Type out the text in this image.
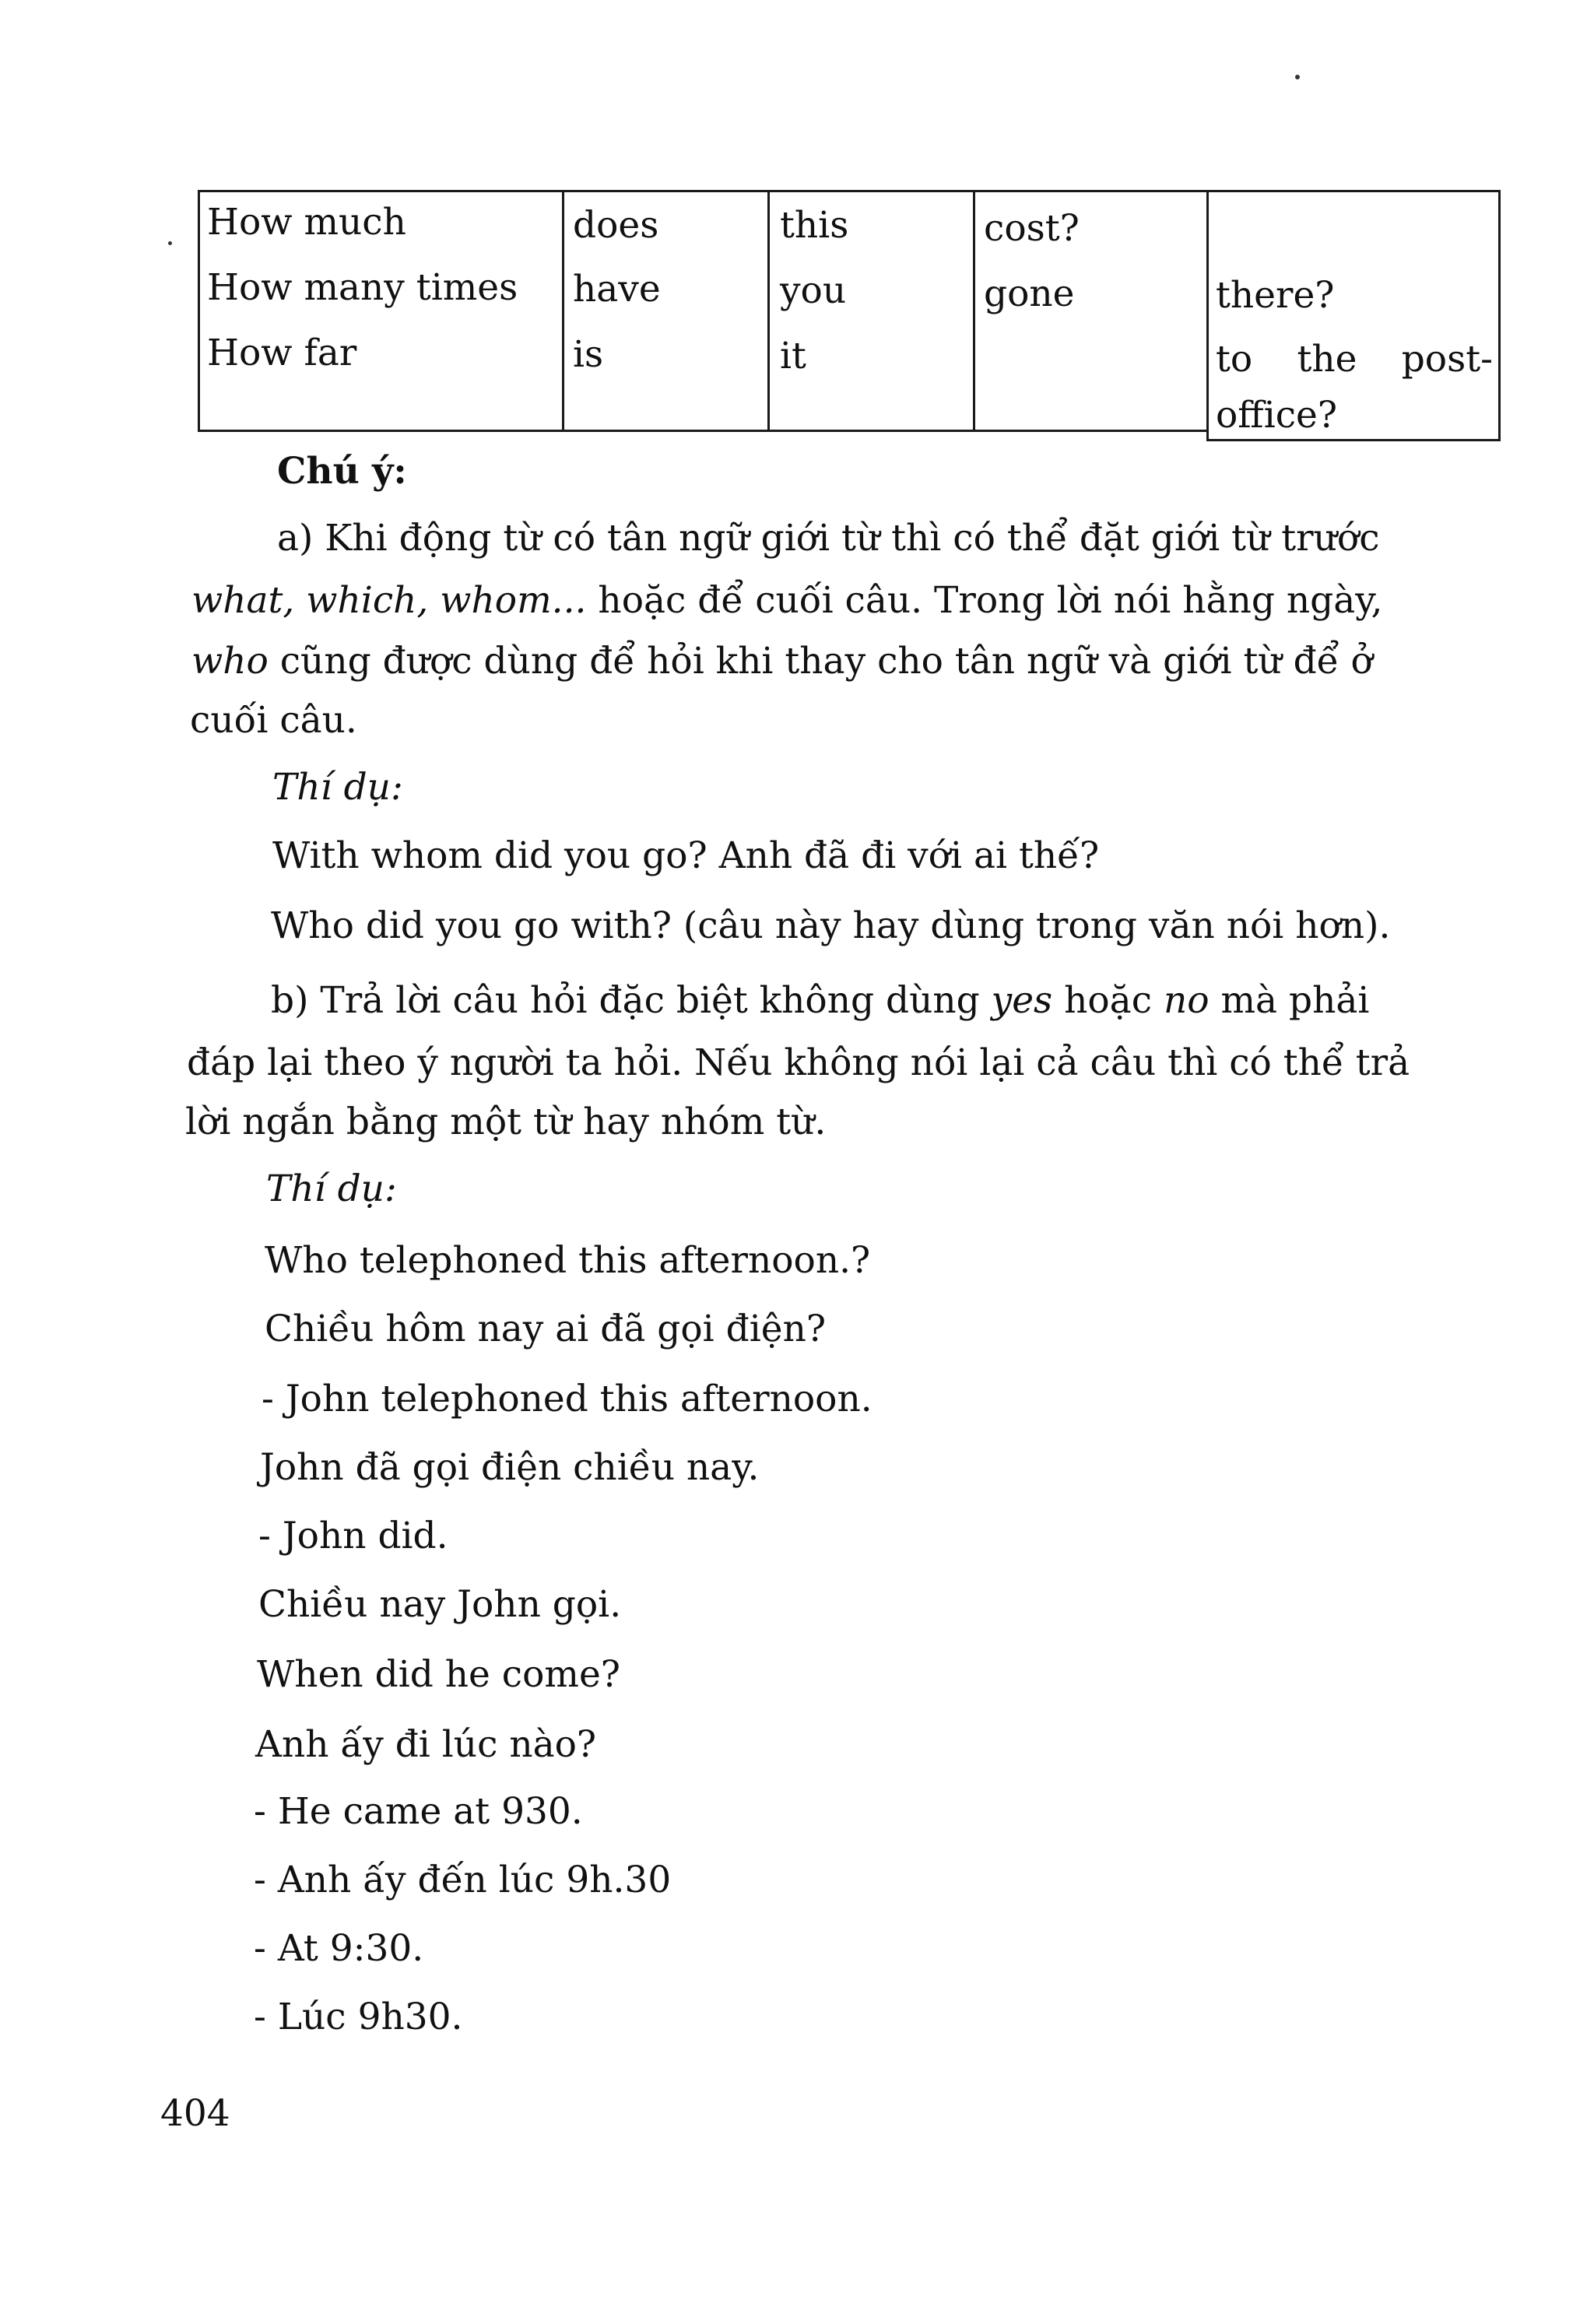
How much
How many times
How far
does
have
is
this
you
it
cost?
gone	there?
to the post-
office?
Chú ý:
a) Khi động từ có tân ngữ giới từ thì có thể đặt giới từ trước
what, which, whom... hoặc để cuối câu. Trong lời nói hằng ngày,
who cũng được dùng để hỏi khi thay cho tân ngữ và giới từ để ở
cuối câu.
Thí dụ:
With whom did you go? Anh đã đi với ai thế?
Who did you go with? (câu này hay dùng trong văn nói hơn).
b) Trả lời câu hỏi đặc biệt không dùng yes hoặc no mà phải
đáp lại theo ý người ta hỏi. Nếu không nói lại cả câu thì có thể trả
lời ngắn bằng một từ hay nhóm từ.
Thí dụ:
Who telephoned this afternoon.?
Chiều hôm nay ai đã gọi điện?
- John telephoned this afternoon.
John đã gọi điện chiều nay.
- John did.
Chiều nay John gọi.
When did he come?
Anh ấy đi lúc nào?
- He came at 930.
- Anh ấy đến lúc 9h.30
- At 9:30.
- Lúc 9h30.
404
